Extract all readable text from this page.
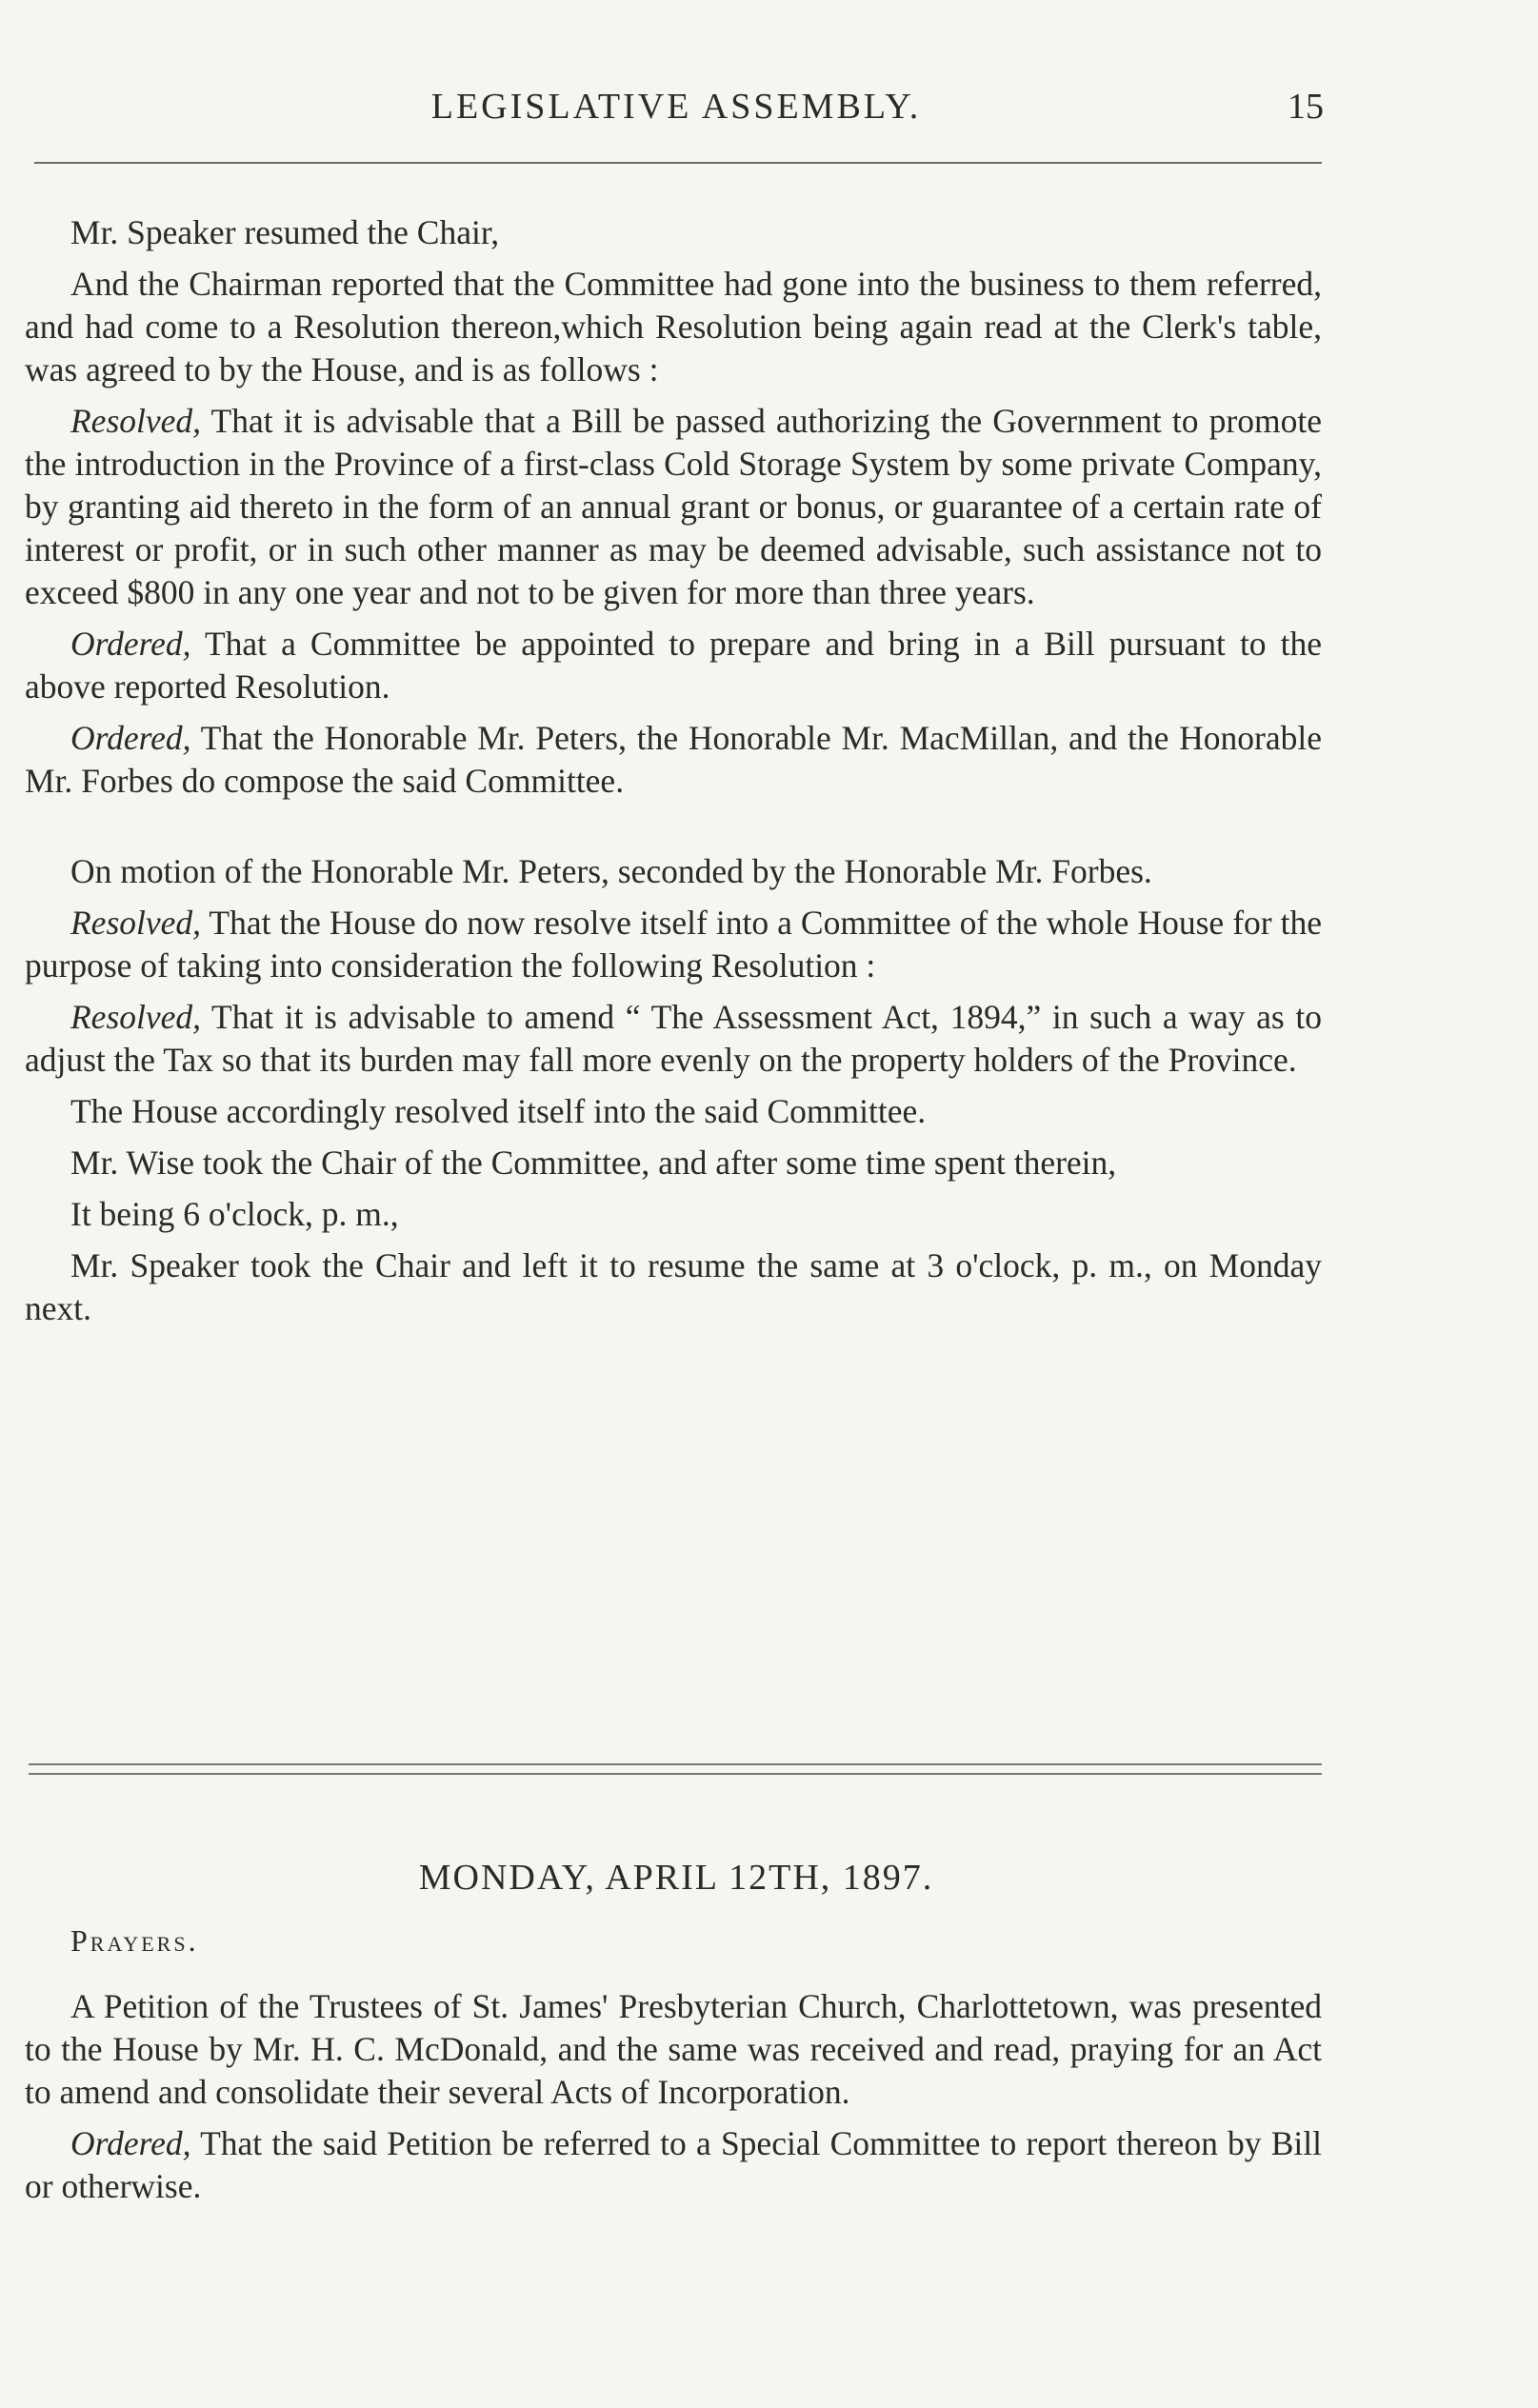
LEGISLATIVE ASSEMBLY.	15

Mr. Speaker resumed the Chair,

And the Chairman reported that the Committee had gone into the business to them referred, and had come to a Resolution thereon,which Resolution being again read at the Clerk's table, was agreed to by the House, and is as follows :

Resolved, That it is advisable that a Bill be passed authorizing the Government to promote the introduction in the Province of a first-class Cold Storage System by some private Company, by granting aid thereto in the form of an annual grant or bonus, or guarantee of a certain rate of interest or profit, or in such other manner as may be deemed advisable, such assistance not to exceed $800 in any one year and not to be given for more than three years.

Ordered, That a Committee be appointed to prepare and bring in a Bill pursuant to the above reported Resolution.

Ordered, That the Honorable Mr. Peters, the Honorable Mr. MacMillan, and the Honorable Mr. Forbes do compose the said Committee.

On motion of the Honorable Mr. Peters, seconded by the Honorable Mr. Forbes.

Resolved, That the House do now resolve itself into a Committee of the whole House for the purpose of taking into consideration the following Resolution :

Resolved, That it is advisable to amend “ The Assessment Act, 1894,” in such a way as to adjust the Tax so that its burden may fall more evenly on the property holders of the Province.

The House accordingly resolved itself into the said Committee.

Mr. Wise took the Chair of the Committee, and after some time spent therein,

It being 6 o'clock, p. m.,

Mr. Speaker took the Chair and left it to resume the same at 3 o'clock, p. m., on Monday next.

MONDAY, APRIL 12TH, 1897.
Prayers.

A Petition of the Trustees of St. James' Presbyterian Church, Charlottetown, was presented to the House by Mr. H. C. McDonald, and the same was received and read, praying for an Act to amend and consolidate their several Acts of Incorporation.

Ordered, That the said Petition be referred to a Special Committee to report thereon by Bill or otherwise.
